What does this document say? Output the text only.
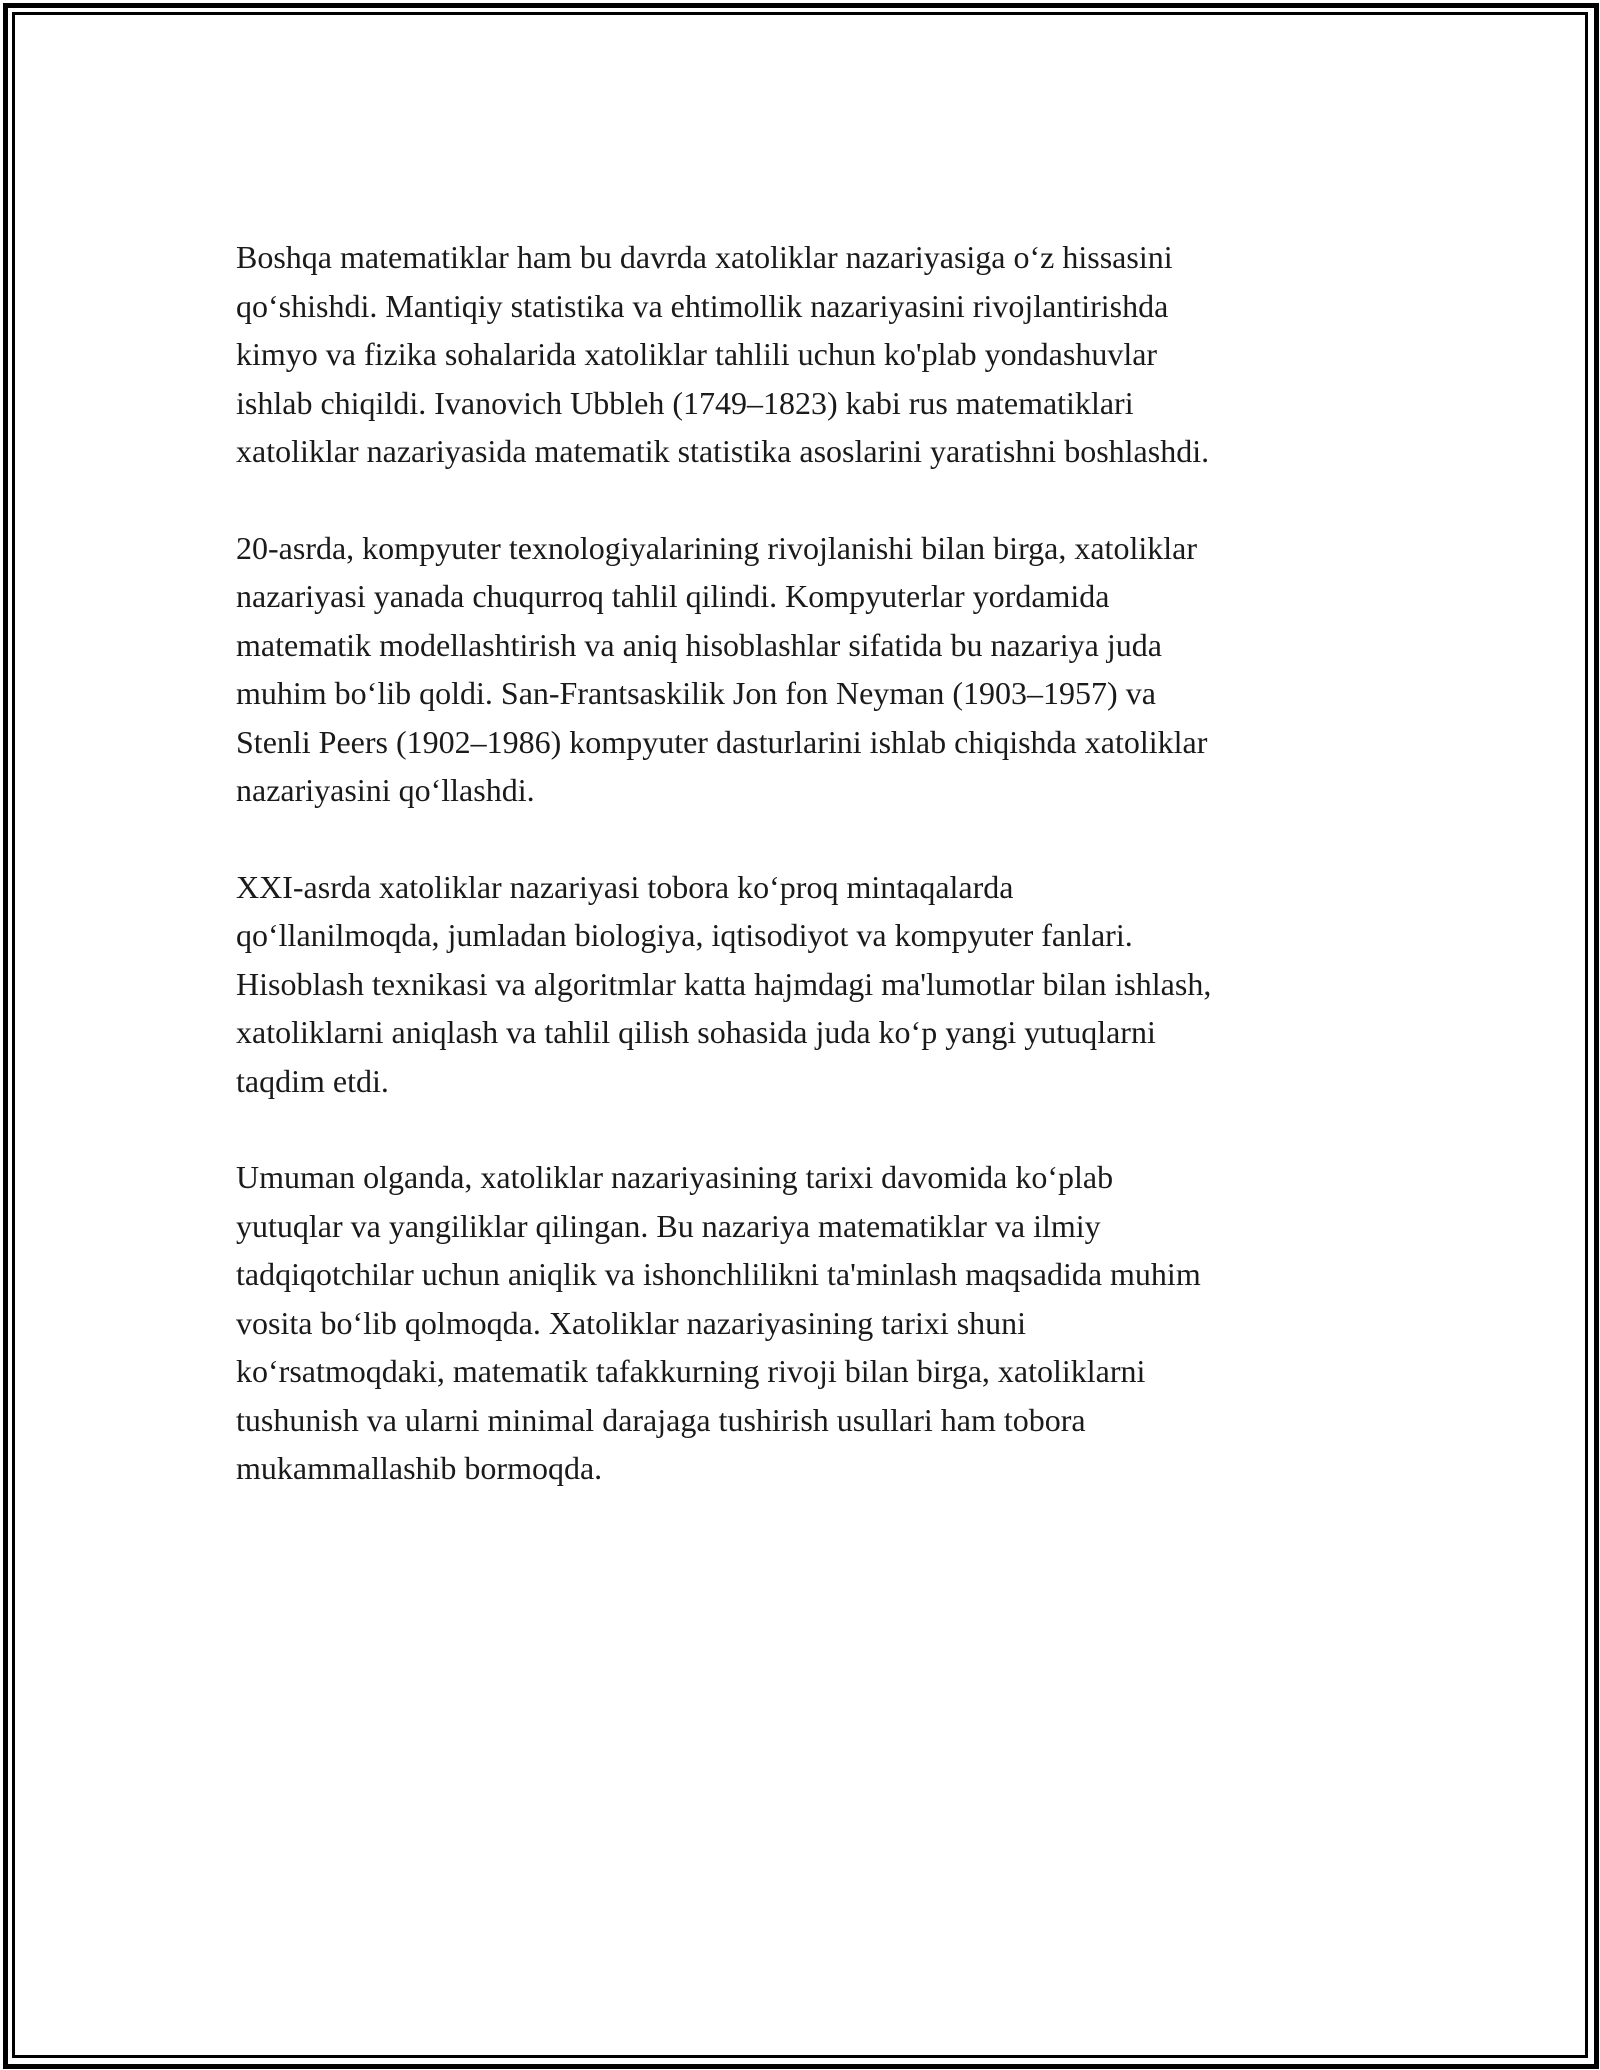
Boshqa matematiklar ham bu davrda xatoliklar nazariyasiga o‘z hissasini
qo‘shishdi. Mantiqiy statistika va ehtimollik nazariyasini rivojlantirishda
kimyo va fizika sohalarida xatoliklar tahlili uchun ko'plab yondashuvlar
ishlab chiqildi. Ivanovich Ubbleh (1749–1823) kabi rus matematiklari
xatoliklar nazariyasida matematik statistika asoslarini yaratishni boshlashdi.

20-asrda, kompyuter texnologiyalarining rivojlanishi bilan birga, xatoliklar
nazariyasi yanada chuqurroq tahlil qilindi. Kompyuterlar yordamida
matematik modellashtirish va aniq hisoblashlar sifatida bu nazariya juda
muhim bo‘lib qoldi. San-Frantsaskilik Jon fon Neyman (1903–1957) va
Stenli Peers (1902–1986) kompyuter dasturlarini ishlab chiqishda xatoliklar
nazariyasini qo‘llashdi.

XXI-asrda xatoliklar nazariyasi tobora ko‘proq mintaqalarda
qo‘llanilmoqda, jumladan biologiya, iqtisodiyot va kompyuter fanlari.
Hisoblash texnikasi va algoritmlar katta hajmdagi ma'lumotlar bilan ishlash,
xatoliklarni aniqlash va tahlil qilish sohasida juda ko‘p yangi yutuqlarni
taqdim etdi.

Umuman olganda, xatoliklar nazariyasining tarixi davomida ko‘plab
yutuqlar va yangiliklar qilingan. Bu nazariya matematiklar va ilmiy
tadqiqotchilar uchun aniqlik va ishonchlilikni ta'minlash maqsadida muhim
vosita bo‘lib qolmoqda. Xatoliklar nazariyasining tarixi shuni
ko‘rsatmoqdaki, matematik tafakkurning rivoji bilan birga, xatoliklarni
tushunish va ularni minimal darajaga tushirish usullari ham tobora
mukammallashib bormoqda.
